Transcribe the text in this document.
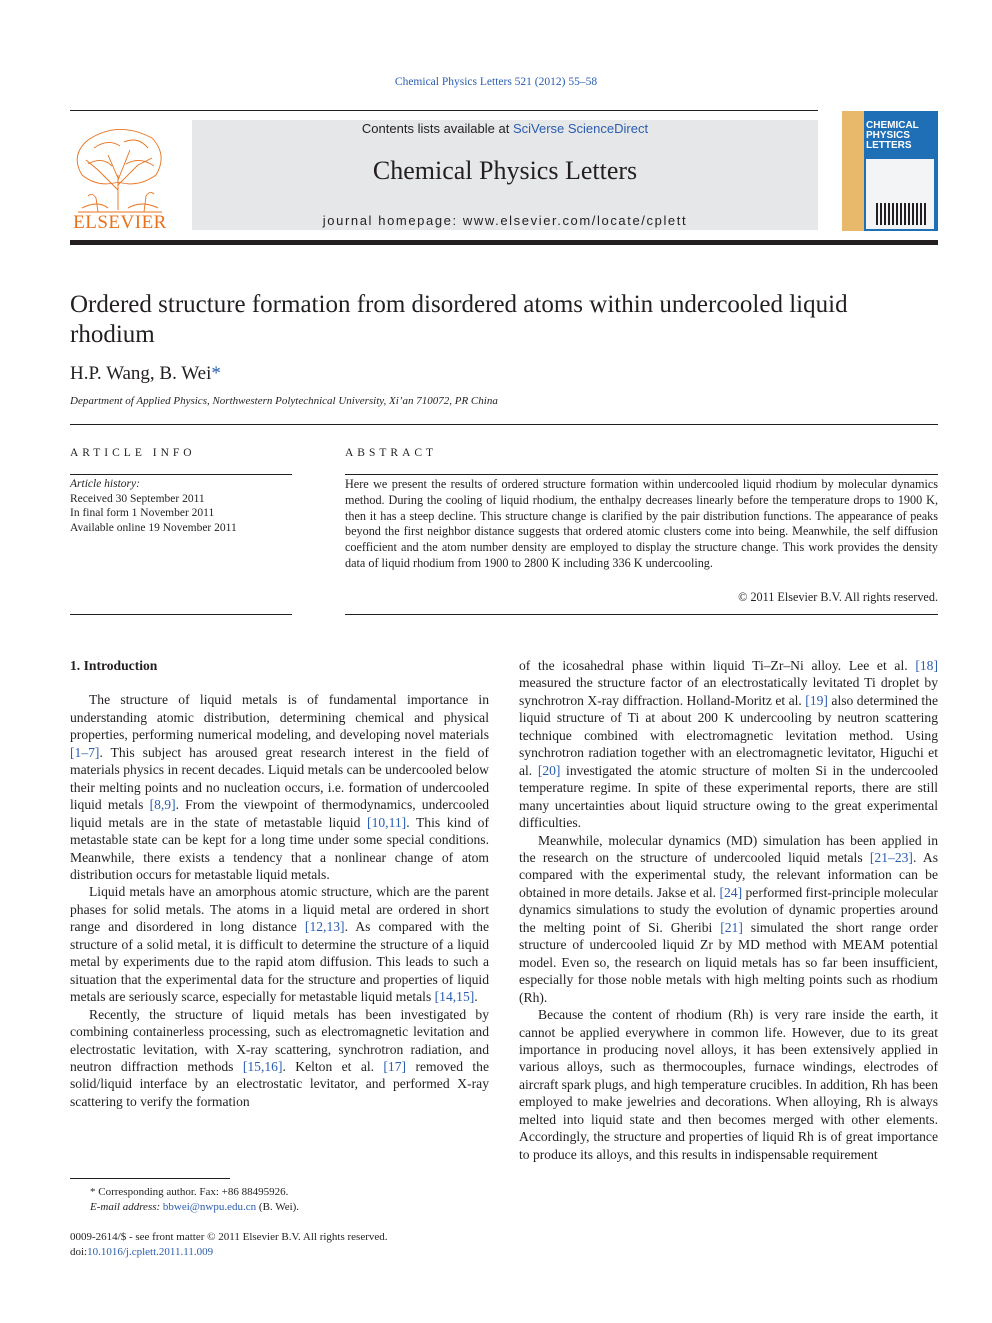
Chemical Physics Letters 521 (2012) 55–58
ELSEVIER
Contents lists available at SciVerse ScienceDirect
Chemical Physics Letters
journal homepage: www.elsevier.com/locate/cplett
CHEMICAL
PHYSICS
LETTERS
Ordered structure formation from disordered atoms within undercooled liquid rhodium
H.P. Wang, B. Wei*
Department of Applied Physics, Northwestern Polytechnical University, Xi’an 710072, PR China
ARTICLE INFO
Article history:
Received 30 September 2011
In final form 1 November 2011
Available online 19 November 2011
ABSTRACT
Here we present the results of ordered structure formation within undercooled liquid rhodium by molecular dynamics method. During the cooling of liquid rhodium, the enthalpy decreases linearly before the temperature drops to 1900 K, then it has a steep decline. This structure change is clarified by the pair distribution functions. The appearance of peaks beyond the first neighbor distance suggests that ordered atomic clusters come into being. Meanwhile, the self diffusion coefficient and the atom number density are employed to display the structure change. This work provides the density data of liquid rhodium from 1900 to 2800 K including 336 K undercooling.
© 2011 Elsevier B.V. All rights reserved.
1. Introduction

The structure of liquid metals is of fundamental importance in understanding atomic distribution, determining chemical and physical properties, performing numerical modeling, and developing novel materials [1–7]. This subject has aroused great research interest in the field of materials physics in recent decades. Liquid metals can be undercooled below their melting points and no nucleation occurs, i.e. formation of undercooled liquid metals [8,9]. From the viewpoint of thermodynamics, undercooled liquid metals are in the state of metastable liquid [10,11]. This kind of metastable state can be kept for a long time under some special conditions. Meanwhile, there exists a tendency that a nonlinear change of atom distribution occurs for metastable liquid metals.

Liquid metals have an amorphous atomic structure, which are the parent phases for solid metals. The atoms in a liquid metal are ordered in short range and disordered in long distance [12,13]. As compared with the structure of a solid metal, it is difficult to determine the structure of a liquid metal by experiments due to the rapid atom diffusion. This leads to such a situation that the experimental data for the structure and properties of liquid metals are seriously scarce, especially for metastable liquid metals [14,15].

Recently, the structure of liquid metals has been investigated by combining containerless processing, such as electromagnetic levitation and electrostatic levitation, with X-ray scattering, synchrotron radiation, and neutron diffraction methods [15,16]. Kelton et al. [17] removed the solid/liquid interface by an electrostatic levitator, and performed X-ray scattering to verify the formation

of the icosahedral phase within liquid Ti–Zr–Ni alloy. Lee et al. [18] measured the structure factor of an electrostatically levitated Ti droplet by synchrotron X-ray diffraction. Holland-Moritz et al. [19] also determined the liquid structure of Ti at about 200 K undercooling by neutron scattering technique combined with electromagnetic levitation method. Using synchrotron radiation together with an electromagnetic levitator, Higuchi et al. [20] investigated the atomic structure of molten Si in the undercooled temperature regime. In spite of these experimental reports, there are still many uncertainties about liquid structure owing to the great experimental difficulties.

Meanwhile, molecular dynamics (MD) simulation has been applied in the research on the structure of undercooled liquid metals [21–23]. As compared with the experimental study, the relevant information can be obtained in more details. Jakse et al. [24] performed first-principle molecular dynamics simulations to study the evolution of dynamic properties around the melting point of Si. Gheribi [21] simulated the short range order structure of undercooled liquid Zr by MD method with MEAM potential model. Even so, the research on liquid metals has so far been insufficient, especially for those noble metals with high melting points such as rhodium (Rh).

Because the content of rhodium (Rh) is very rare inside the earth, it cannot be applied everywhere in common life. However, due to its great importance in producing novel alloys, it has been extensively applied in various alloys, such as thermocouples, furnace windings, electrodes of aircraft spark plugs, and high temperature crucibles. In addition, Rh has been employed to make jewelries and decorations. When alloying, Rh is always melted into liquid state and then becomes merged with other elements. Accordingly, the structure and properties of liquid Rh is of great importance to produce its alloys, and this results in indispensable requirement

* Corresponding author. Fax: +86 88495926.
E-mail address: bbwei@nwpu.edu.cn (B. Wei).
0009-2614/$ - see front matter © 2011 Elsevier B.V. All rights reserved.
doi:10.1016/j.cplett.2011.11.009
